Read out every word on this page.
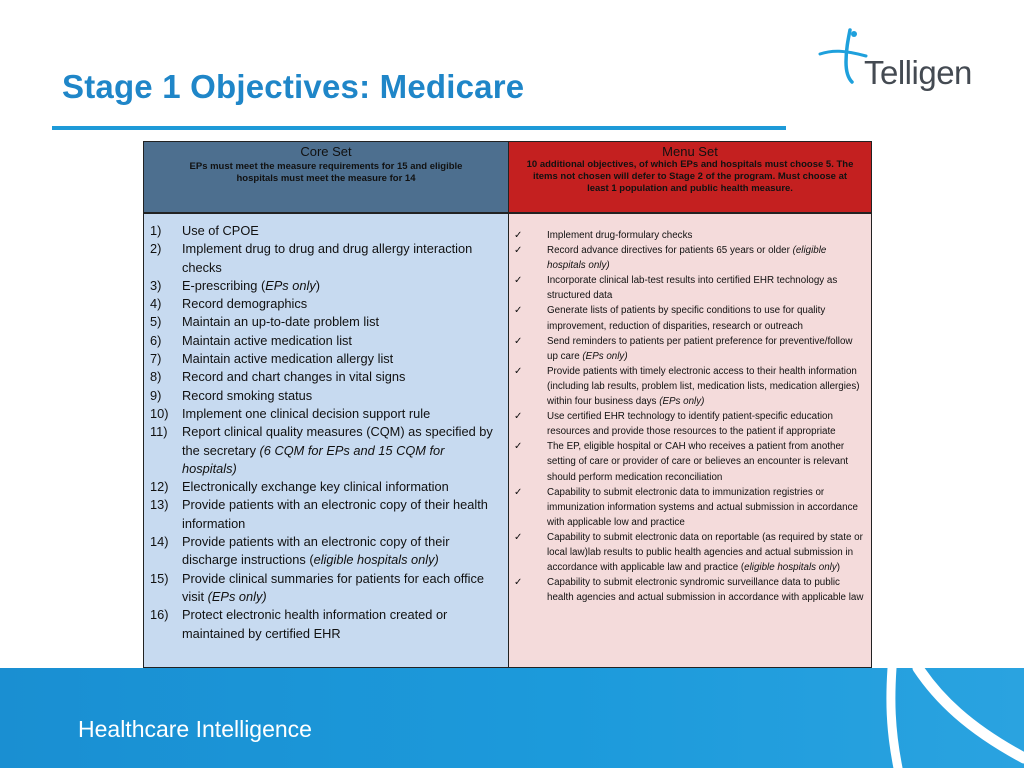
Stage 1 Objectives: Medicare	Telligen
Core Set
EPs must meet the measure requirements for 15 and eligible hospitals must meet the measure for 14
1)	Use of CPOE
2)	Implement drug to drug and drug allergy interaction checks
3)	E-prescribing (EPs only)
4)	Record demographics
5)	Maintain an up-to-date problem list
6)	Maintain active medication list
7)	Maintain active medication allergy list
8)	Record and chart changes in vital signs
9)	Record smoking status
10)	Implement one clinical decision support rule
11)	Report clinical quality measures (CQM) as specified by the secretary (6 CQM for EPs and 15 CQM for hospitals)
12)	Electronically exchange key clinical information
13)	Provide patients with an electronic copy of their health information
14)	Provide patients with an electronic copy of their discharge instructions (eligible hospitals only)
15)	Provide clinical summaries for patients for each office visit (EPs only)
16)	Protect electronic health information created or maintained by certified EHR
Menu Set
10 additional objectives, of which EPs and hospitals must choose 5. The items not chosen will defer to Stage 2 of the program. Must choose at least 1 population and public health measure.
✓	Implement drug-formulary checks
✓	Record advance directives for patients 65 years or older (eligible hospitals only)
✓	Incorporate clinical lab-test results into certified EHR technology as structured data
✓	Generate lists of patients by specific conditions to use for quality improvement, reduction of disparities, research or outreach
✓	Send reminders to patients per patient preference for preventive/follow up care (EPs only)
✓	Provide patients with timely electronic access to their health information (including lab results, problem list, medication lists, medication allergies) within four business days (EPs only)
✓	Use certified EHR technology to identify patient-specific education resources and provide those resources to the patient if appropriate
✓	The EP, eligible hospital or CAH who receives a patient from another setting of care or provider of care or believes an encounter is relevant should perform medication reconciliation
✓	Capability to submit electronic data to immunization registries or immunization information systems and actual submission in accordance with applicable low and practice
✓	Capability to submit electronic data on reportable (as required by state or local law)lab results to public health agencies and actual submission in accordance with applicable law and practice (eligible hospitals only)
✓	Capability to submit electronic syndromic surveillance data to public health agencies and actual submission in accordance with applicable law
Healthcare Intelligence
